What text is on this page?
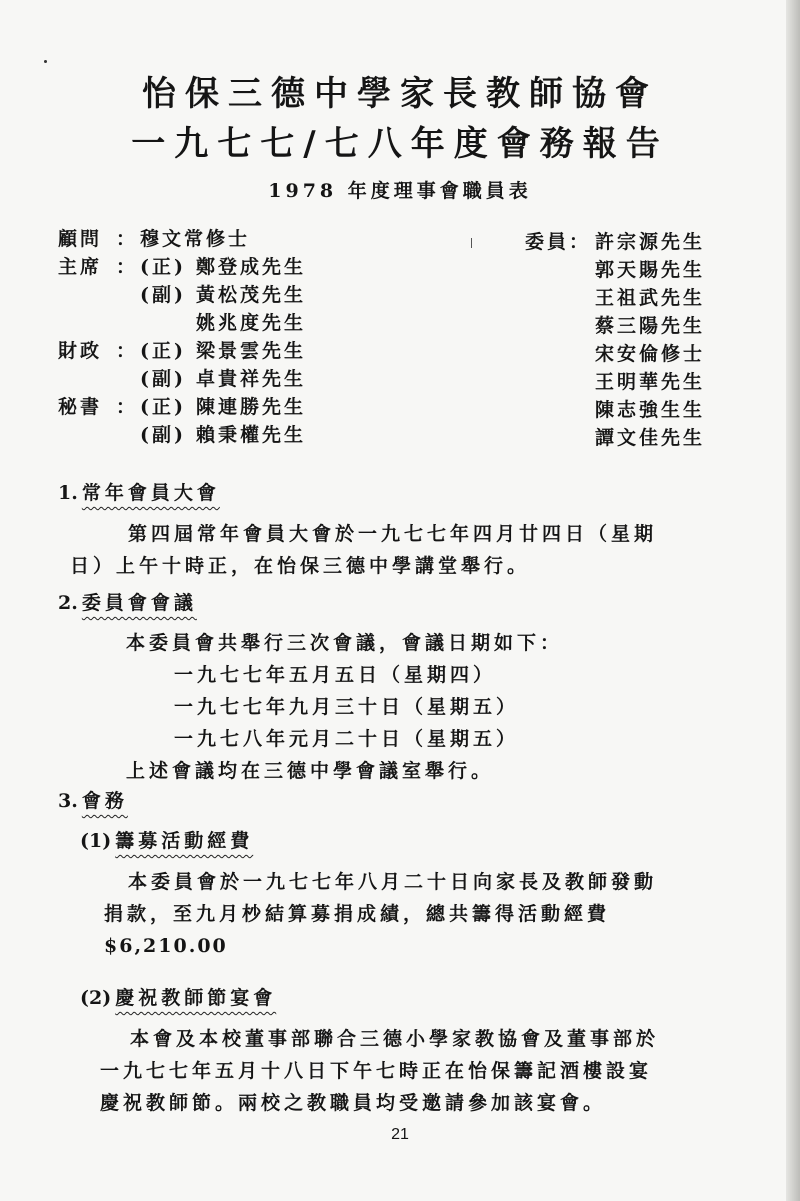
怡保三德中學家長教師協會
一九七七/七八年度會務報告
1978 年度理事會職員表
顧問 ： 穆文常修士
主席 ： (正) 鄭登成先生
(副) 黃松茂先生
姚兆度先生
財政 ： (正) 梁景雲先生
(副) 卓貴祥先生
秘書 ： (正) 陳連勝先生
(副) 賴秉權先生
委員： 許宗源先生
郭天賜先生
王祖武先生
蔡三陽先生
宋安倫修士
王明華先生
陳志強生生
譚文佳先生
1. 常年會員大會
第四屆常年會員大會於一九七七年四月廿四日（星期
日）上午十時正，在怡保三德中學講堂舉行。
2. 委員會會議
本委員會共舉行三次會議，會議日期如下：
一九七七年五月五日（星期四）
一九七七年九月三十日（星期五）
一九七八年元月二十日（星期五）
上述會議均在三德中學會議室舉行。
3. 會務
(1) 籌募活動經費
本委員會於一九七七年八月二十日向家長及教師發動
捐款，至九月杪結算募捐成績，總共籌得活動經費
$6,210.00
(2) 慶祝教師節宴會
本會及本校董事部聯合三德小學家教協會及董事部於
一九七七年五月十八日下午七時正在怡保籌記酒樓設宴
慶祝教師節。兩校之教職員均受邀請參加該宴會。
21
